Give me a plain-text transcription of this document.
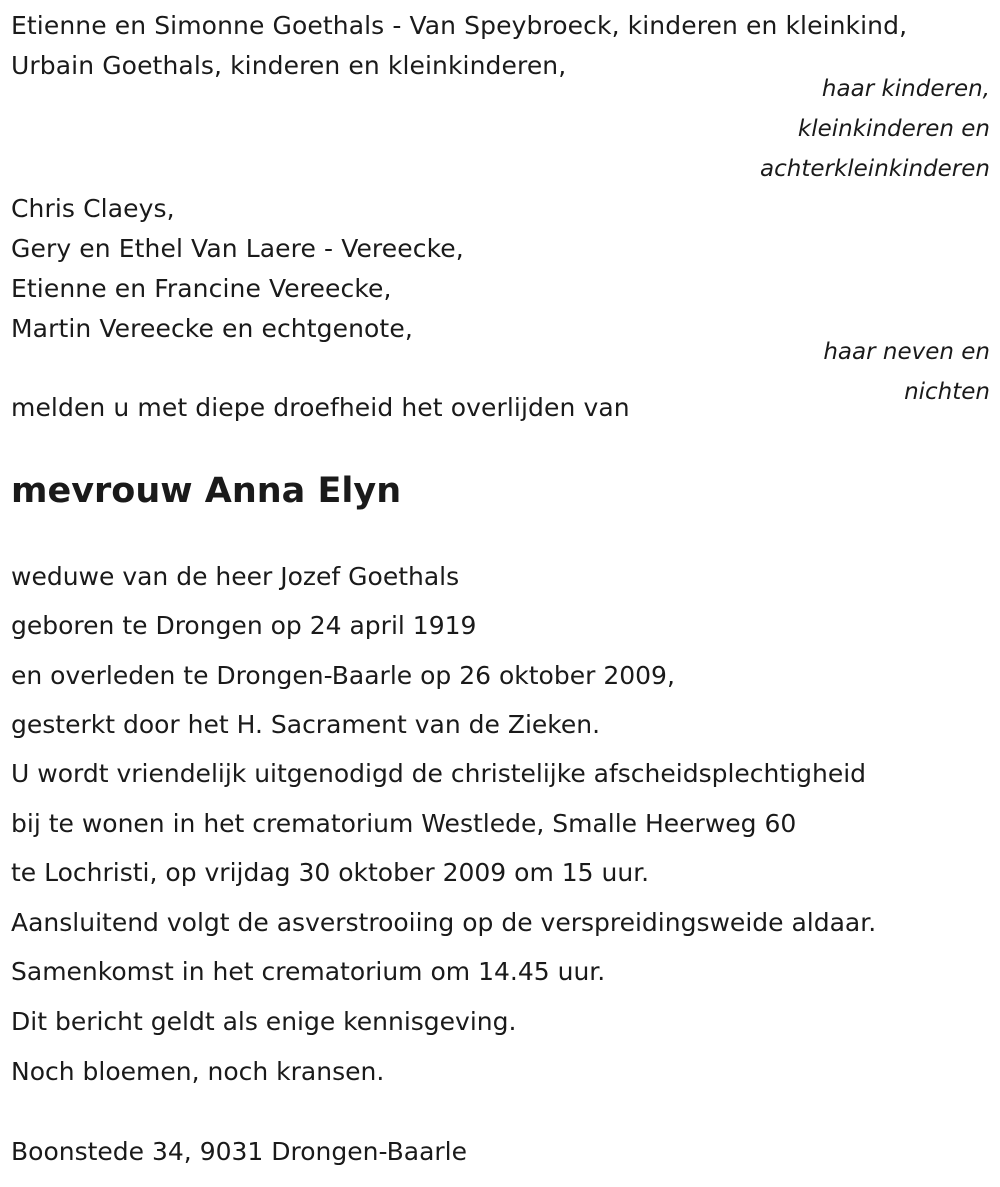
Etienne en Simonne Goethals - Van Speybroeck, kinderen en kleinkind,
Urbain Goethals, kinderen en kleinkinderen,
haar kinderen,
kleinkinderen en
achterkleinkinderen
Chris Claeys,
Gery en Ethel Van Laere - Vereecke,
Etienne en Francine Vereecke,
Martin Vereecke en echtgenote,
haar neven en
nichten
melden u met diepe droefheid het overlijden van
mevrouw Anna Elyn
weduwe van de heer Jozef Goethals
geboren te Drongen op 24 april 1919
en overleden te Drongen-Baarle op 26 oktober 2009,
gesterkt door het H. Sacrament van de Zieken.
U wordt vriendelijk uitgenodigd de christelijke afscheidsplechtigheid
bij te wonen in het crematorium Westlede, Smalle Heerweg 60
te Lochristi, op vrijdag 30 oktober 2009 om 15 uur.
Aansluitend volgt de asverstrooiing op de verspreidingsweide aldaar.
Samenkomst in het crematorium om 14.45 uur.
Dit bericht geldt als enige kennisgeving.
Noch bloemen, noch kransen.
Boonstede 34, 9031 Drongen-Baarle
